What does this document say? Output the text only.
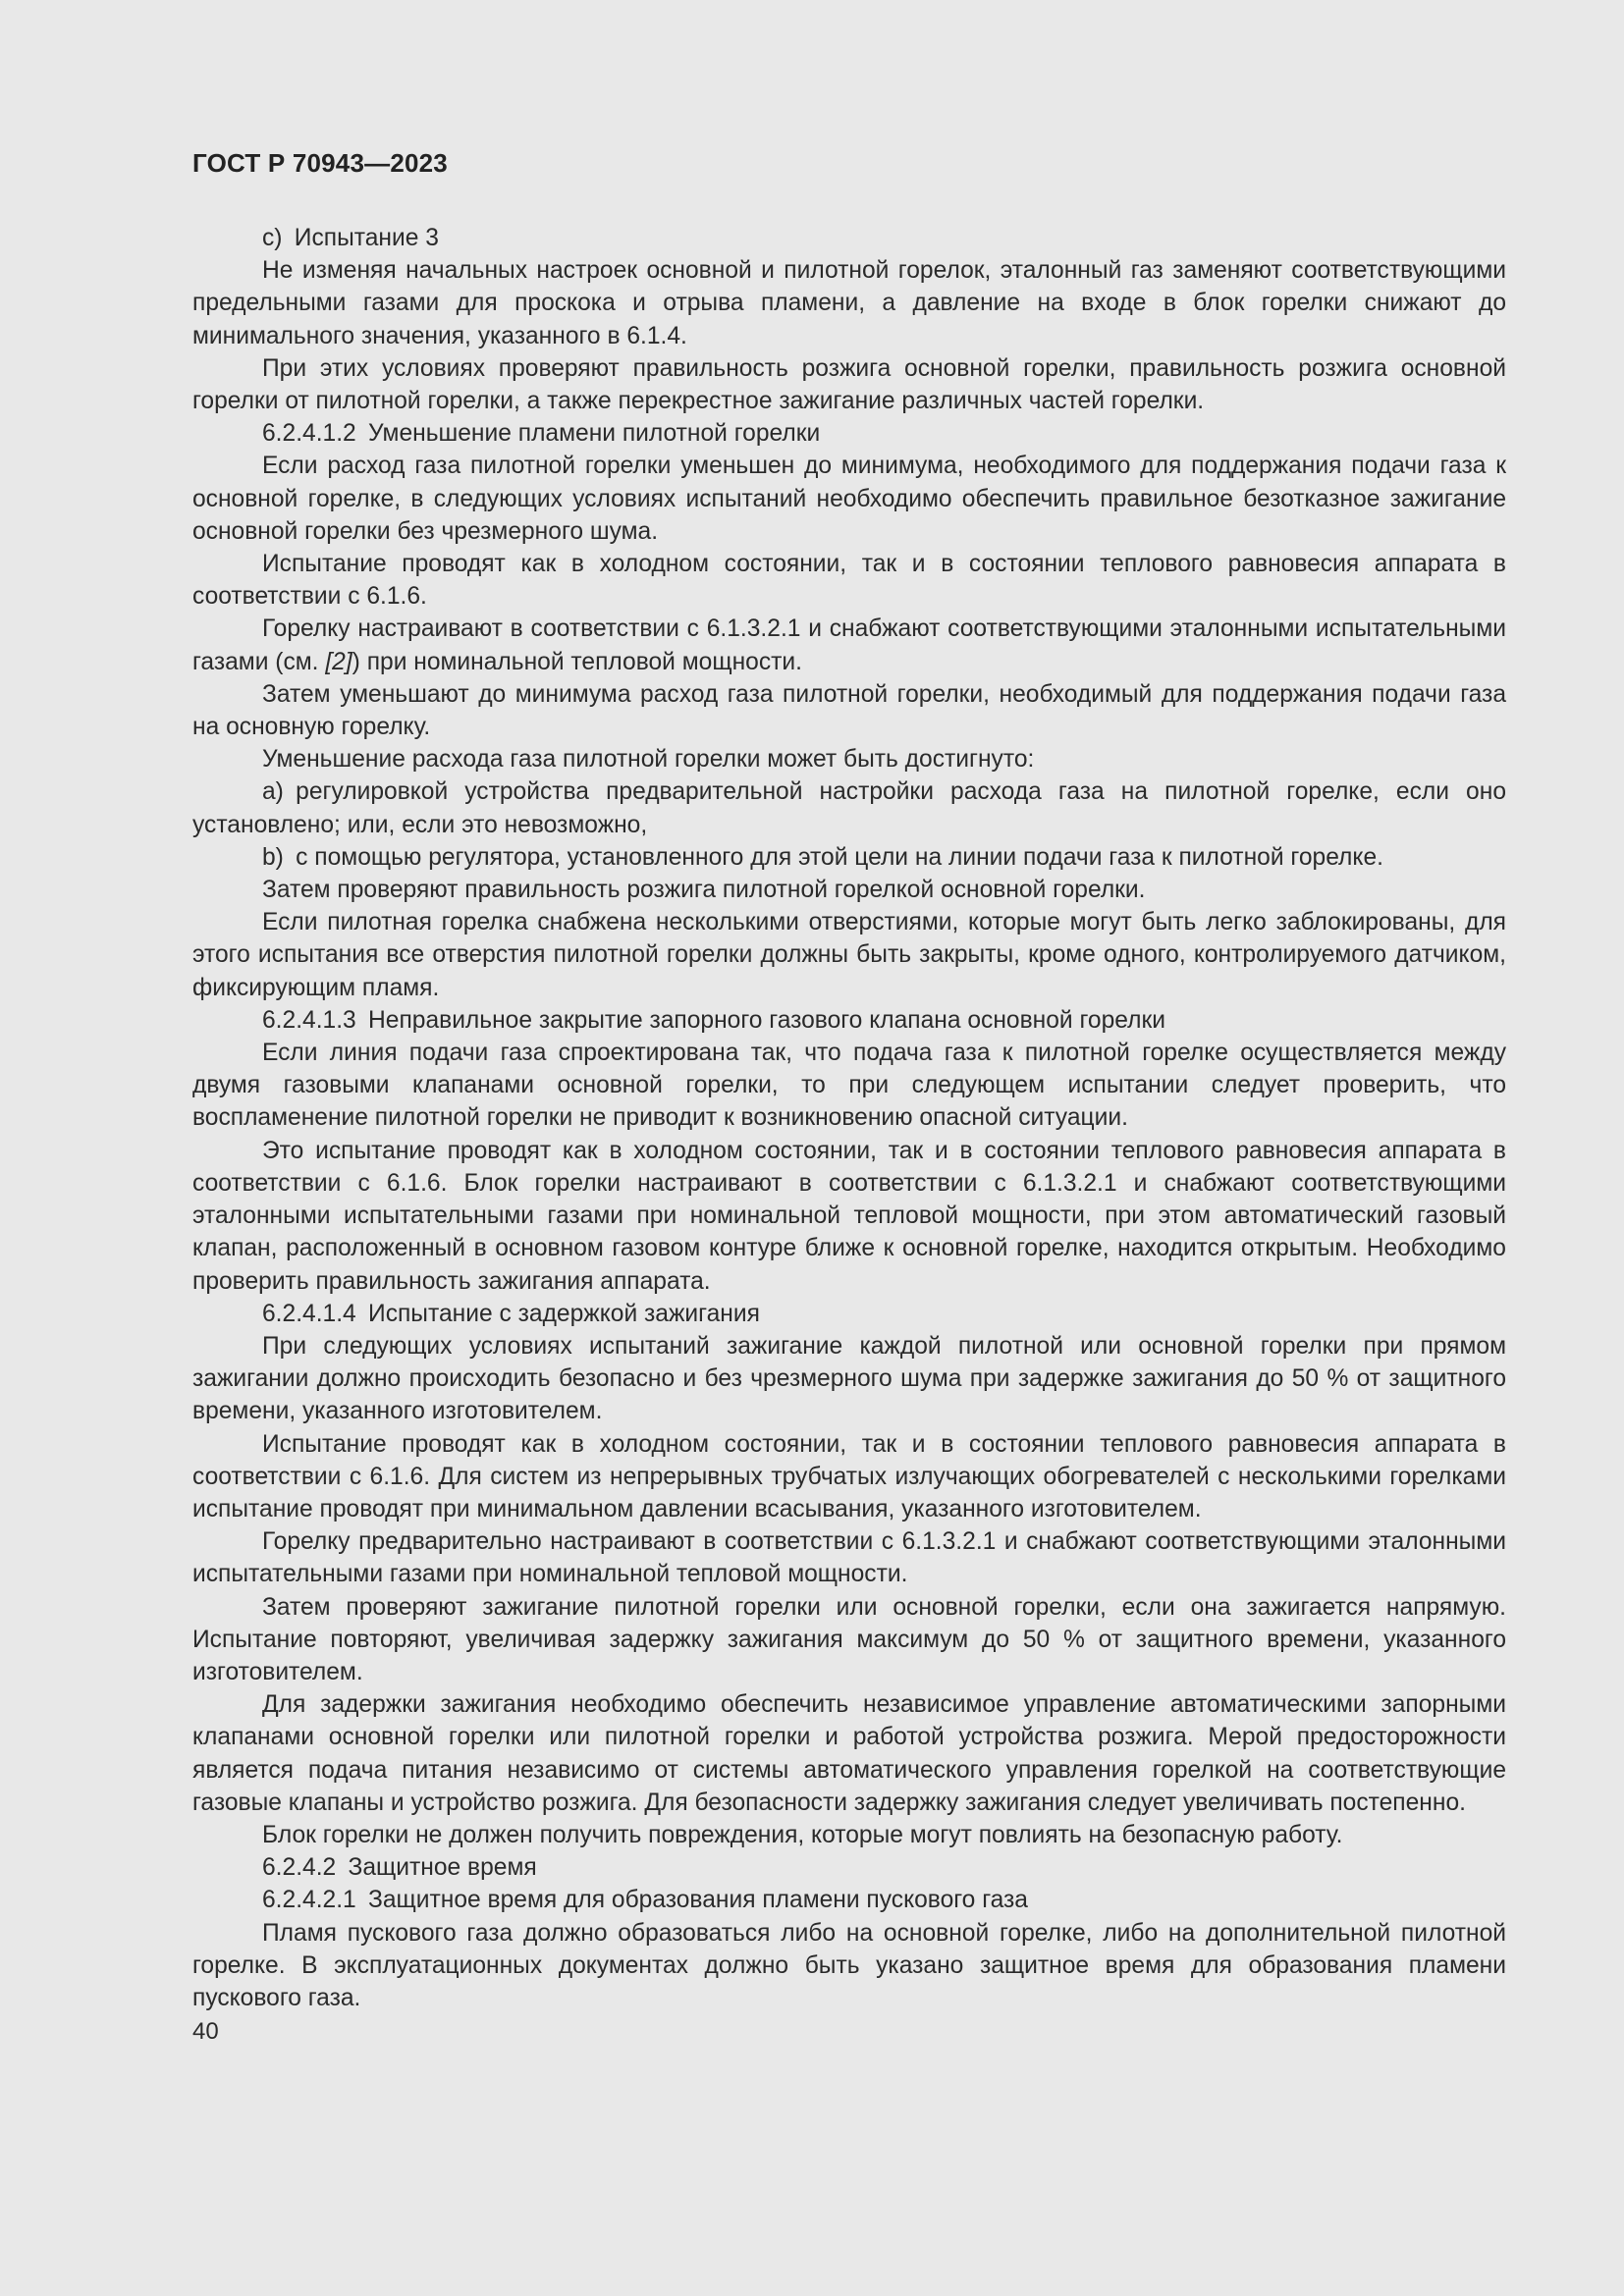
ГОСТ Р 70943—2023

с) Испытание 3

Не изменяя начальных настроек основной и пилотной горелок, эталонный газ заменяют соответствующими предельными газами для проскока и отрыва пламени, а давление на входе в блок горелки снижают до минимального значения, указанного в 6.1.4.

При этих условиях проверяют правильность розжига основной горелки, правильность розжига основной горелки от пилотной горелки, а также перекрестное зажигание различных частей горелки.

6.2.4.1.2 Уменьшение пламени пилотной горелки

Если расход газа пилотной горелки уменьшен до минимума, необходимого для поддержания подачи газа к основной горелке, в следующих условиях испытаний необходимо обеспечить правильное безотказное зажигание основной горелки без чрезмерного шума.

Испытание проводят как в холодном состоянии, так и в состоянии теплового равновесия аппарата в соответствии с 6.1.6.

Горелку настраивают в соответствии с 6.1.3.2.1 и снабжают соответствующими эталонными испытательными газами (см. [2]) при номинальной тепловой мощности.

Затем уменьшают до минимума расход газа пилотной горелки, необходимый для поддержания подачи газа на основную горелку.

Уменьшение расхода газа пилотной горелки может быть достигнуто:

а) регулировкой устройства предварительной настройки расхода газа на пилотной горелке, если оно установлено; или, если это невозможно,

b) с помощью регулятора, установленного для этой цели на линии подачи газа к пилотной горелке.

Затем проверяют правильность розжига пилотной горелкой основной горелки.

Если пилотная горелка снабжена несколькими отверстиями, которые могут быть легко заблокированы, для этого испытания все отверстия пилотной горелки должны быть закрыты, кроме одного, контролируемого датчиком, фиксирующим пламя.

6.2.4.1.3 Неправильное закрытие запорного газового клапана основной горелки

Если линия подачи газа спроектирована так, что подача газа к пилотной горелке осуществляется между двумя газовыми клапанами основной горелки, то при следующем испытании следует проверить, что воспламенение пилотной горелки не приводит к возникновению опасной ситуации.

Это испытание проводят как в холодном состоянии, так и в состоянии теплового равновесия аппарата в соответствии с 6.1.6. Блок горелки настраивают в соответствии с 6.1.3.2.1 и снабжают соответствующими эталонными испытательными газами при номинальной тепловой мощности, при этом автоматический газовый клапан, расположенный в основном газовом контуре ближе к основной горелке, находится открытым. Необходимо проверить правильность зажигания аппарата.

6.2.4.1.4 Испытание с задержкой зажигания

При следующих условиях испытаний зажигание каждой пилотной или основной горелки при прямом зажигании должно происходить безопасно и без чрезмерного шума при задержке зажигания до 50 % от защитного времени, указанного изготовителем.

Испытание проводят как в холодном состоянии, так и в состоянии теплового равновесия аппарата в соответствии с 6.1.6. Для систем из непрерывных трубчатых излучающих обогревателей с несколькими горелками испытание проводят при минимальном давлении всасывания, указанного изготовителем.

Горелку предварительно настраивают в соответствии с 6.1.3.2.1 и снабжают соответствующими эталонными испытательными газами при номинальной тепловой мощности.

Затем проверяют зажигание пилотной горелки или основной горелки, если она зажигается напрямую. Испытание повторяют, увеличивая задержку зажигания максимум до 50 % от защитного времени, указанного изготовителем.

Для задержки зажигания необходимо обеспечить независимое управление автоматическими запорными клапанами основной горелки или пилотной горелки и работой устройства розжига. Мерой предосторожности является подача питания независимо от системы автоматического управления горелкой на соответствующие газовые клапаны и устройство розжига. Для безопасности задержку зажигания следует увеличивать постепенно.

Блок горелки не должен получить повреждения, которые могут повлиять на безопасную работу.

6.2.4.2 Защитное время

6.2.4.2.1 Защитное время для образования пламени пускового газа

Пламя пускового газа должно образоваться либо на основной горелке, либо на дополнительной пилотной горелке. В эксплуатационных документах должно быть указано защитное время для образования пламени пускового газа.

40
